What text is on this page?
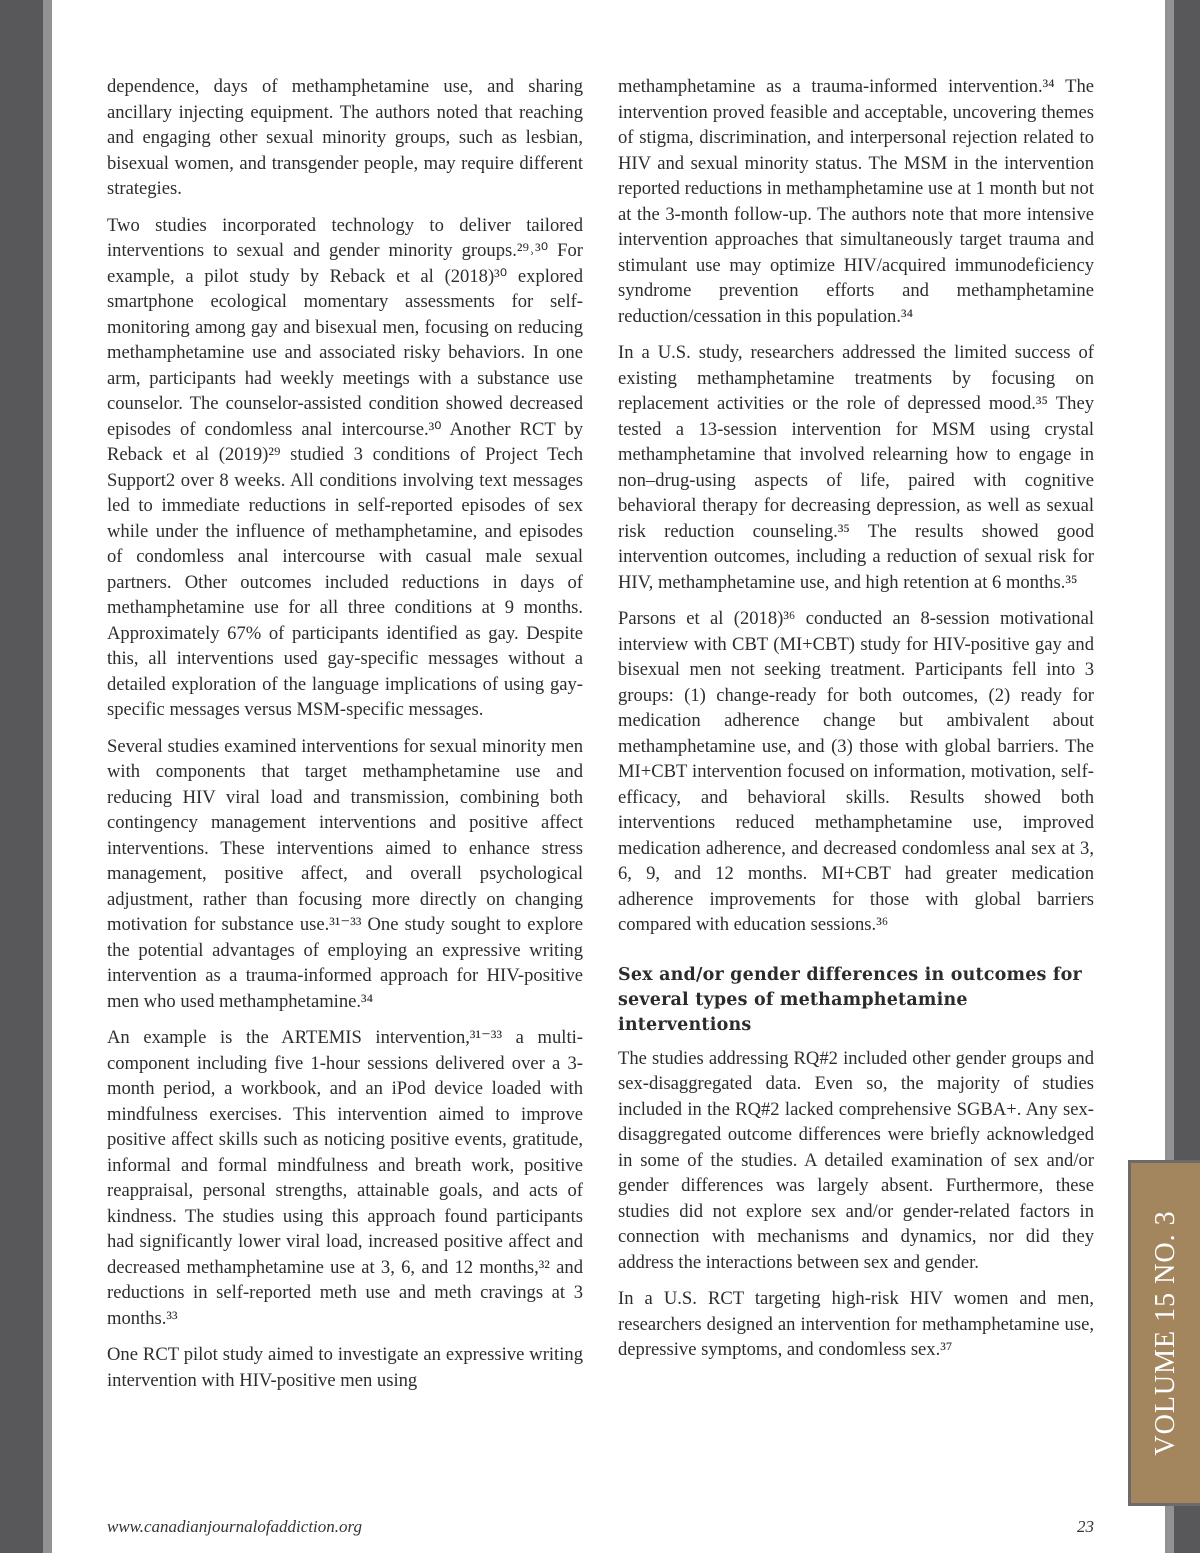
VOLUME 15 NO. 3

dependence, days of methamphetamine use, and sharing ancillary injecting equipment. The authors noted that reaching and engaging other sexual minority groups, such as lesbian, bisexual women, and transgender people, may require different strategies.

Two studies incorporated technology to deliver tailored interventions to sexual and gender minority groups.²⁹˒³⁰ For example, a pilot study by Reback et al (2018)³⁰ explored smartphone ecological momentary assessments for self-monitoring among gay and bisexual men, focusing on reducing methamphetamine use and associated risky behaviors. In one arm, participants had weekly meetings with a substance use counselor. The counselor-assisted condition showed decreased episodes of condomless anal intercourse.³⁰ Another RCT by Reback et al (2019)²⁹ studied 3 conditions of Project Tech Support2 over 8 weeks. All conditions involving text messages led to immediate reductions in self-reported episodes of sex while under the influence of methamphetamine, and episodes of condomless anal intercourse with casual male sexual partners. Other outcomes included reductions in days of methamphetamine use for all three conditions at 9 months. Approximately 67% of participants identified as gay. Despite this, all interventions used gay-specific messages without a detailed exploration of the language implications of using gay-specific messages versus MSM-specific messages.

Several studies examined interventions for sexual minority men with components that target methamphetamine use and reducing HIV viral load and transmission, combining both contingency management interventions and positive affect interventions. These interventions aimed to enhance stress management, positive affect, and overall psychological adjustment, rather than focusing more directly on changing motivation for substance use.³¹⁻³³ One study sought to explore the potential advantages of employing an expressive writing intervention as a trauma-informed approach for HIV-positive men who used methamphetamine.³⁴

An example is the ARTEMIS intervention,³¹⁻³³ a multi-component including five 1-hour sessions delivered over a 3-month period, a workbook, and an iPod device loaded with mindfulness exercises. This intervention aimed to improve positive affect skills such as noticing positive events, gratitude, informal and formal mindfulness and breath work, positive reappraisal, personal strengths, attainable goals, and acts of kindness. The studies using this approach found participants had significantly lower viral load, increased positive affect and decreased methamphetamine use at 3, 6, and 12 months,³² and reductions in self-reported meth use and meth cravings at 3 months.³³

One RCT pilot study aimed to investigate an expressive writing intervention with HIV-positive men using

methamphetamine as a trauma-informed intervention.³⁴ The intervention proved feasible and acceptable, uncovering themes of stigma, discrimination, and interpersonal rejection related to HIV and sexual minority status. The MSM in the intervention reported reductions in methamphetamine use at 1 month but not at the 3-month follow-up. The authors note that more intensive intervention approaches that simultaneously target trauma and stimulant use may optimize HIV/acquired immunodeficiency syndrome prevention efforts and methamphetamine reduction/cessation in this population.³⁴

In a U.S. study, researchers addressed the limited success of existing methamphetamine treatments by focusing on replacement activities or the role of depressed mood.³⁵ They tested a 13-session intervention for MSM using crystal methamphetamine that involved relearning how to engage in non–drug-using aspects of life, paired with cognitive behavioral therapy for decreasing depression, as well as sexual risk reduction counseling.³⁵ The results showed good intervention outcomes, including a reduction of sexual risk for HIV, methamphetamine use, and high retention at 6 months.³⁵

Parsons et al (2018)³⁶ conducted an 8-session motivational interview with CBT (MI+CBT) study for HIV-positive gay and bisexual men not seeking treatment. Participants fell into 3 groups: (1) change-ready for both outcomes, (2) ready for medication adherence change but ambivalent about methamphetamine use, and (3) those with global barriers. The MI+CBT intervention focused on information, motivation, self-efficacy, and behavioral skills. Results showed both interventions reduced methamphetamine use, improved medication adherence, and decreased condomless anal sex at 3, 6, 9, and 12 months. MI+CBT had greater medication adherence improvements for those with global barriers compared with education sessions.³⁶

Sex and/or gender differences in outcomes for several types of methamphetamine interventions

The studies addressing RQ#2 included other gender groups and sex-disaggregated data. Even so, the majority of studies included in the RQ#2 lacked comprehensive SGBA+. Any sex-disaggregated outcome differences were briefly acknowledged in some of the studies. A detailed examination of sex and/or gender differences was largely absent. Furthermore, these studies did not explore sex and/or gender-related factors in connection with mechanisms and dynamics, nor did they address the interactions between sex and gender.

In a U.S. RCT targeting high-risk HIV women and men, researchers designed an intervention for methamphetamine use, depressive symptoms, and condomless sex.³⁷

www.canadianjournalofaddiction.org	23
